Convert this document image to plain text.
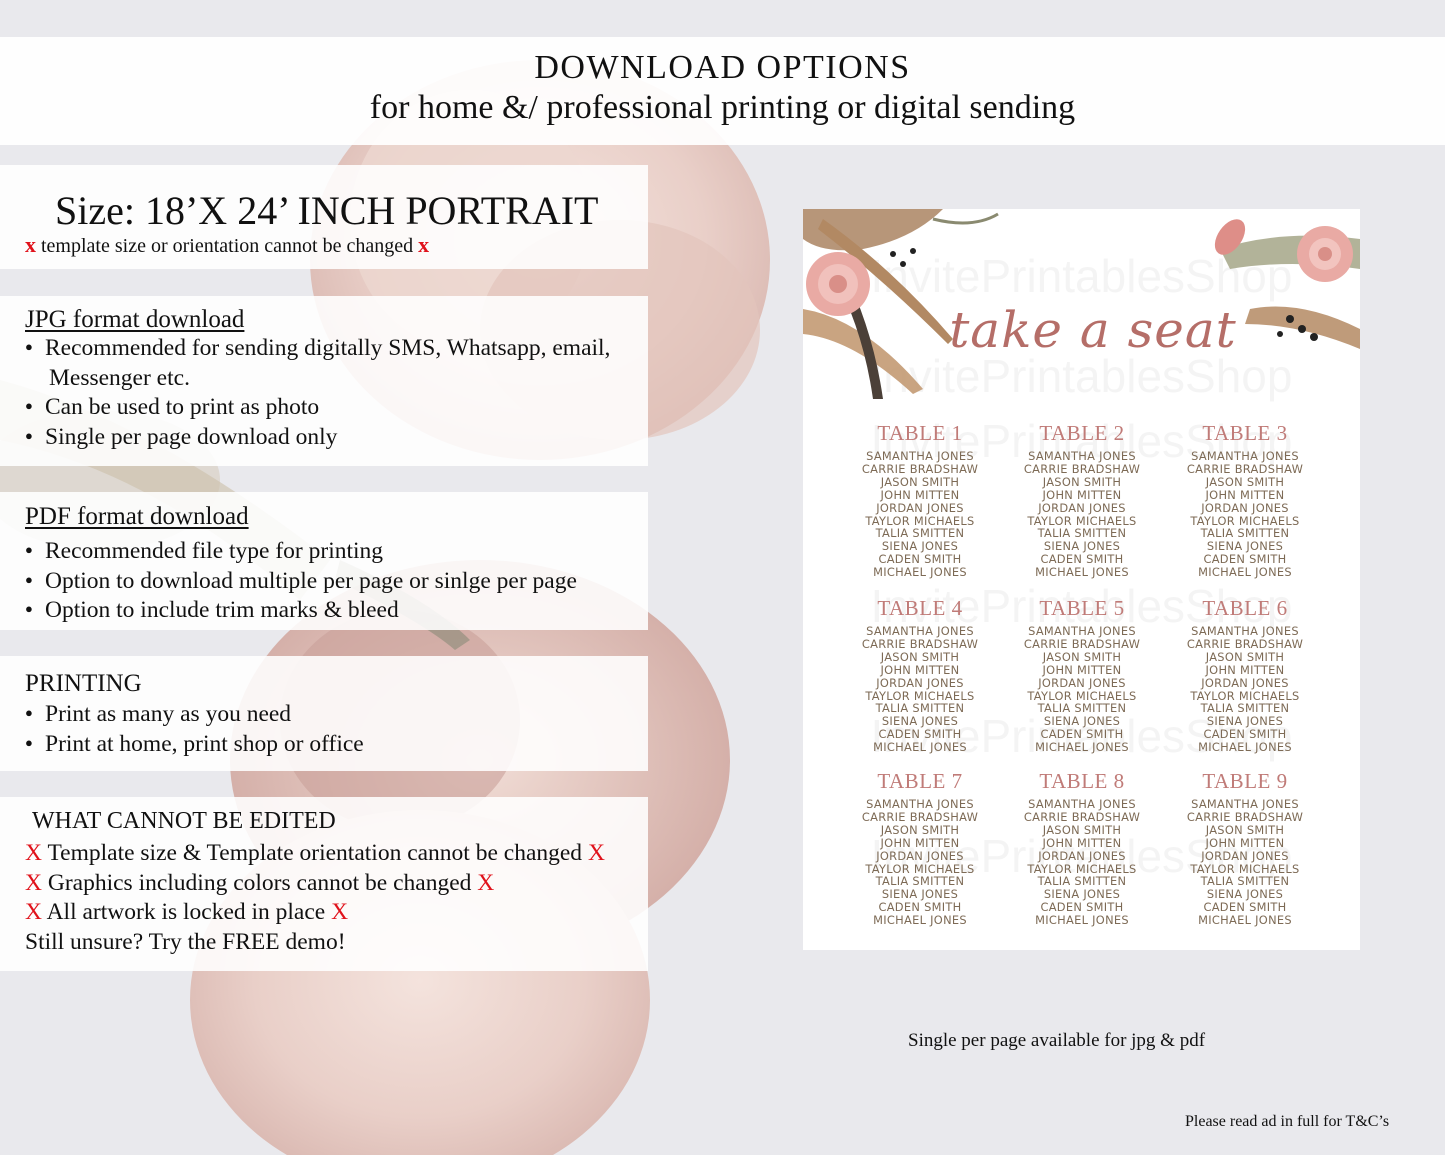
DOWNLOAD OPTIONS
for home &/ professional printing or digital sending
Size: 18’X 24’ INCH PORTRAIT
x template size or orientation cannot be changed x
JPG format download
● Recommended for sending digitally SMS, Whatsapp, email,
Messenger etc.
● Can be used to print as photo
● Single per page download only
PDF format download
● Recommended file type for printing
● Option to download multiple per page or sinlge per page
● Option to include trim marks & bleed
PRINTING
● Print as many as you need
● Print at home, print shop or office
WHAT CANNOT BE EDITED
X Template size & Template orientation cannot be changed X
X Graphics including colors cannot be changed X
X All artwork is locked in place X
Still unsure? Try the FREE demo!
take a seat
TABLE 1
SAMANTHA JONES
CARRIE BRADSHAW
JASON SMITH
JOHN MITTEN
JORDAN JONES
TAYLOR MICHAELS
TALIA SMITTEN
SIENA JONES
CADEN SMITH
MICHAEL JONES
TABLE 2
SAMANTHA JONES
CARRIE BRADSHAW
JASON SMITH
JOHN MITTEN
JORDAN JONES
TAYLOR MICHAELS
TALIA SMITTEN
SIENA JONES
CADEN SMITH
MICHAEL JONES
TABLE 3
SAMANTHA JONES
CARRIE BRADSHAW
JASON SMITH
JOHN MITTEN
JORDAN JONES
TAYLOR MICHAELS
TALIA SMITTEN
SIENA JONES
CADEN SMITH
MICHAEL JONES
TABLE 4
SAMANTHA JONES
CARRIE BRADSHAW
JASON SMITH
JOHN MITTEN
JORDAN JONES
TAYLOR MICHAELS
TALIA SMITTEN
SIENA JONES
CADEN SMITH
MICHAEL JONES
TABLE 5
SAMANTHA JONES
CARRIE BRADSHAW
JASON SMITH
JOHN MITTEN
JORDAN JONES
TAYLOR MICHAELS
TALIA SMITTEN
SIENA JONES
CADEN SMITH
MICHAEL JONES
TABLE 6
SAMANTHA JONES
CARRIE BRADSHAW
JASON SMITH
JOHN MITTEN
JORDAN JONES
TAYLOR MICHAELS
TALIA SMITTEN
SIENA JONES
CADEN SMITH
MICHAEL JONES
TABLE 7
SAMANTHA JONES
CARRIE BRADSHAW
JASON SMITH
JOHN MITTEN
JORDAN JONES
TAYLOR MICHAELS
TALIA SMITTEN
SIENA JONES
CADEN SMITH
MICHAEL JONES
TABLE 8
SAMANTHA JONES
CARRIE BRADSHAW
JASON SMITH
JOHN MITTEN
JORDAN JONES
TAYLOR MICHAELS
TALIA SMITTEN
SIENA JONES
CADEN SMITH
MICHAEL JONES
TABLE 9
SAMANTHA JONES
CARRIE BRADSHAW
JASON SMITH
JOHN MITTEN
JORDAN JONES
TAYLOR MICHAELS
TALIA SMITTEN
SIENA JONES
CADEN SMITH
MICHAEL JONES
Single per page available for jpg & pdf
Please read ad in full for T&C’s
